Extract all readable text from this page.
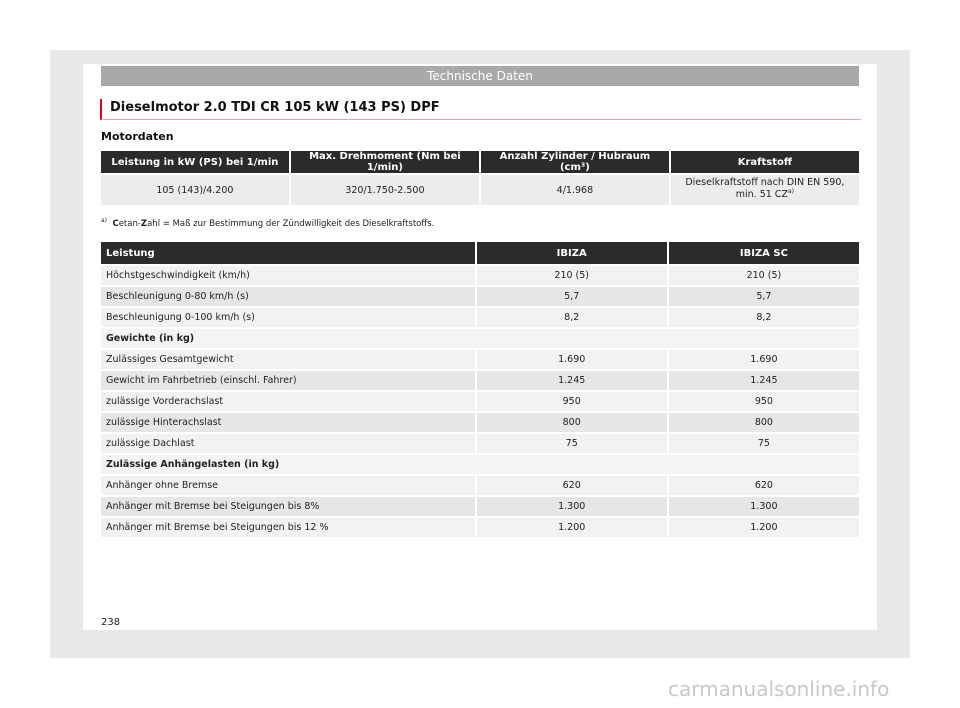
Technische Daten
Dieselmotor 2.0 TDI CR 105 kW (143 PS) DPF
Motordaten
Leistung in kW (PS) bei 1/min	Max. Drehmoment (Nm bei 1/min)	Anzahl Zylinder / Hubraum (cm³)	Kraftstoff
105 (143)/4.200	320/1.750-2.500	4/1.968	Dieselkraftstoff nach DIN EN 590, min. 51 CZ$^{a)}$
$^{a)}$ Cetan-Zahl = Maß zur Bestimmung der Zündwilligkeit des Dieselkraftstoffs.
Leistung	IBIZA	IBIZA SC
Höchstgeschwindigkeit (km/h)	210 (5)	210 (5)
Beschleunigung 0-80 km/h (s)	5,7	5,7
Beschleunigung 0-100 km/h (s)	8,2	8,2
Gewichte (in kg)		
Zulässiges Gesamtgewicht	1.690	1.690
Gewicht im Fahrbetrieb (einschl. Fahrer)	1.245	1.245
zulässige Vorderachslast	950	950
zulässige Hinterachslast	800	800
zulässige Dachlast	75	75
Zulässige Anhängelasten (in kg)		
Anhänger ohne Bremse	620	620
Anhänger mit Bremse bei Steigungen bis 8%	1.300	1.300
Anhänger mit Bremse bei Steigungen bis 12 %	1.200	1.200
238
carmanualsonline.info
